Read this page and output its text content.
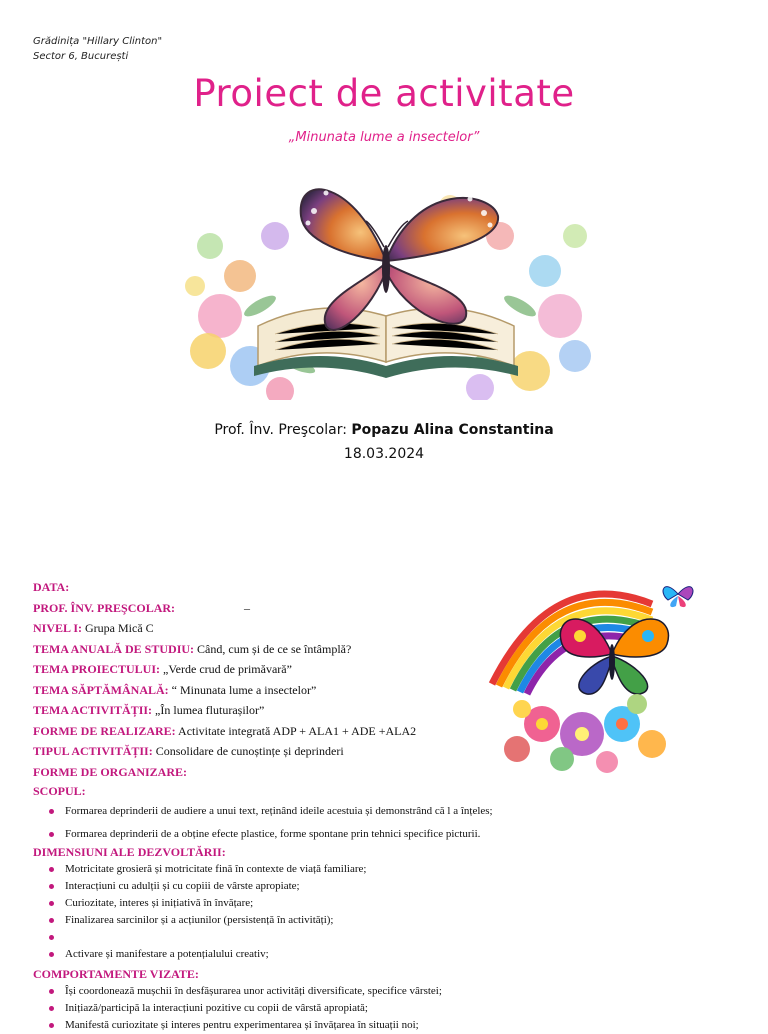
Grădinița "Hillary Clinton"
Sector 6, București
Proiect de activitate
„Minunata lume a insectelor”
Prof. Înv. Preşcolar: Popazu Alina Constantina
18.03.2024
DATA:
PROF. ÎNV. PREŞCOLAR:                       –
NIVEL I: Grupa Mică C
TEMA ANUALĂ DE STUDIU: Când, cum și de ce se întâmplă?
TEMA PROIECTULUI: „Verde crud de primăvară”
TEMA SĂPTĂMÂNALĂ: “ Minunata lume a insectelor”
TEMA ACTIVITĂȚII: „În lumea fluturașilor”
FORME DE REALIZARE: Activitate integrată ADP + ALA1 + ADE +ALA2
TIPUL ACTIVITĂȚII: Consolidare de cunoștințe și deprinderi
FORME DE ORGANIZARE:
SCOPUL:
Formarea deprinderii de audiere a unui text, reținând ideile acestuia și demonstrând că l a înțeles;
Formarea deprinderii de a obține efecte plastice, forme spontane prin tehnici specifice picturii.
DIMENSIUNI ALE DEZVOLTĂRII:
Motricitate grosieră și motricitate fină în contexte de viață familiare;
Interacțiuni cu adulții și cu copiii de vârste apropiate;
Curiozitate, interes și inițiativă în învățare;
Finalizarea sarcinilor și a acțiunilor (persistență în activități);

Activare și manifestare a potențialului creativ;
COMPORTAMENTE VIZATE:
Își coordonează mușchii în desfășurarea unor activități diversificate, specifice vârstei;
Inițiază/participă la interacțiuni pozitive cu copii de vârstă apropiată;
Manifestă curiozitate și interes pentru experimentarea și învățarea în situații noi;
